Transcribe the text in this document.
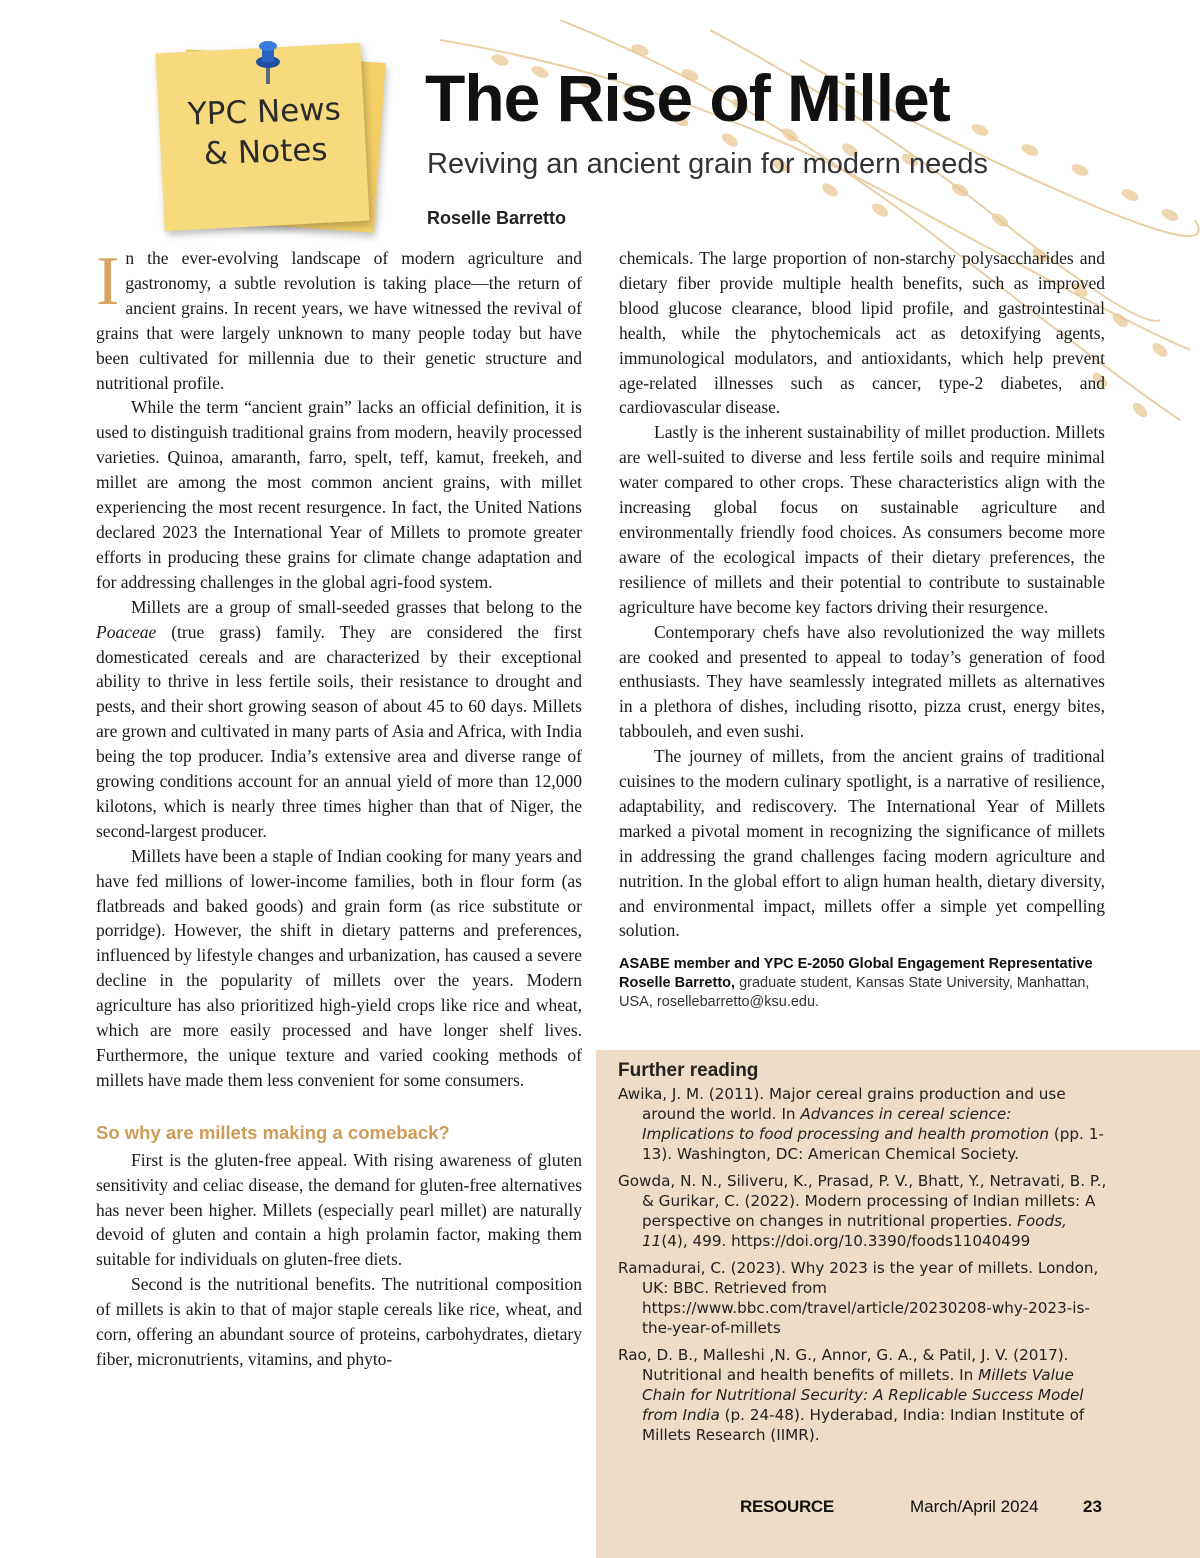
YPC News
& Notes
The Rise of Millet
Reviving an ancient grain for modern needs
Roselle Barretto

In the ever-evolving landscape of modern agriculture and gastronomy, a subtle revolution is taking place—the return of ancient grains. In recent years, we have witnessed the revival of grains that were largely unknown to many people today but have been cultivated for millennia due to their genetic structure and nutritional profile.

While the term “ancient grain” lacks an official definition, it is used to distinguish traditional grains from modern, heavily processed varieties. Quinoa, amaranth, farro, spelt, teff, kamut, freekeh, and millet are among the most common ancient grains, with millet experiencing the most recent resurgence. In fact, the United Nations declared 2023 the International Year of Millets to promote greater efforts in producing these grains for climate change adaptation and for addressing challenges in the global agri-food system.

Millets are a group of small-seeded grasses that belong to the Poaceae (true grass) family. They are considered the first domesticated cereals and are characterized by their exceptional ability to thrive in less fertile soils, their resistance to drought and pests, and their short growing season of about 45 to 60 days. Millets are grown and cultivated in many parts of Asia and Africa, with India being the top producer. India’s extensive area and diverse range of growing conditions account for an annual yield of more than 12,000 kilotons, which is nearly three times higher than that of Niger, the second-largest producer.

Millets have been a staple of Indian cooking for many years and have fed millions of lower-income families, both in flour form (as flatbreads and baked goods) and grain form (as rice substitute or porridge). However, the shift in dietary patterns and preferences, influenced by lifestyle changes and urbanization, has caused a severe decline in the popularity of millets over the years. Modern agriculture has also prioritized high-yield crops like rice and wheat, which are more easily processed and have longer shelf lives. Furthermore, the unique texture and varied cooking methods of millets have made them less convenient for some consumers.

So why are millets making a comeback?

First is the gluten-free appeal. With rising awareness of gluten sensitivity and celiac disease, the demand for gluten-free alternatives has never been higher. Millets (especially pearl millet) are naturally devoid of gluten and contain a high prolamin factor, making them suitable for individuals on gluten-free diets.

Second is the nutritional benefits. The nutritional composition of millets is akin to that of major staple cereals like rice, wheat, and corn, offering an abundant source of proteins, carbohydrates, dietary fiber, micronutrients, vitamins, and phyto-

chemicals. The large proportion of non-starchy polysaccharides and dietary fiber provide multiple health benefits, such as improved blood glucose clearance, blood lipid profile, and gastrointestinal health, while the phytochemicals act as detoxifying agents, immunological modulators, and antioxidants, which help prevent age-related illnesses such as cancer, type-2 diabetes, and cardiovascular disease.

Lastly is the inherent sustainability of millet production. Millets are well-suited to diverse and less fertile soils and require minimal water compared to other crops. These characteristics align with the increasing global focus on sustainable agriculture and environmentally friendly food choices. As consumers become more aware of the ecological impacts of their dietary preferences, the resilience of millets and their potential to contribute to sustainable agriculture have become key factors driving their resurgence.

Contemporary chefs have also revolutionized the way millets are cooked and presented to appeal to today’s generation of food enthusiasts. They have seamlessly integrated millets as alternatives in a plethora of dishes, including risotto, pizza crust, energy bites, tabbouleh, and even sushi.

The journey of millets, from the ancient grains of traditional cuisines to the modern culinary spotlight, is a narrative of resilience, adaptability, and rediscovery. The International Year of Millets marked a pivotal moment in recognizing the significance of millets in addressing the grand challenges facing modern agriculture and nutrition. In the global effort to align human health, dietary diversity, and environmental impact, millets offer a simple yet compelling solution.

ASABE member and YPC E-2050 Global Engagement Representative Roselle Barretto, graduate student, Kansas State University, Manhattan, USA, rosellebarretto@ksu.edu.
Further reading
Awika, J. M. (2011). Major cereal grains production and use around the world. In Advances in cereal science: Implications to food processing and health promotion (pp. 1-13). Washington, DC: American Chemical Society.
Gowda, N. N., Siliveru, K., Prasad, P. V., Bhatt, Y., Netravati, B. P., & Gurikar, C. (2022). Modern processing of Indian millets: A perspective on changes in nutritional properties. Foods, 11(4), 499. https://doi.org/10.3390/foods11040499
Ramadurai, C. (2023). Why 2023 is the year of millets. London, UK: BBC. Retrieved from https://www.bbc.com/travel/article/20230208-why-2023-is-the-year-of-millets
Rao, D. B., Malleshi ,N. G., Annor, G. A., & Patil, J. V. (2017). Nutritional and health benefits of millets. In Millets Value Chain for Nutritional Security: A Replicable Success Model from India (p. 24-48). Hyderabad, India: Indian Institute of Millets Research (IIMR).
RESOURCE	March/April 2024	23
